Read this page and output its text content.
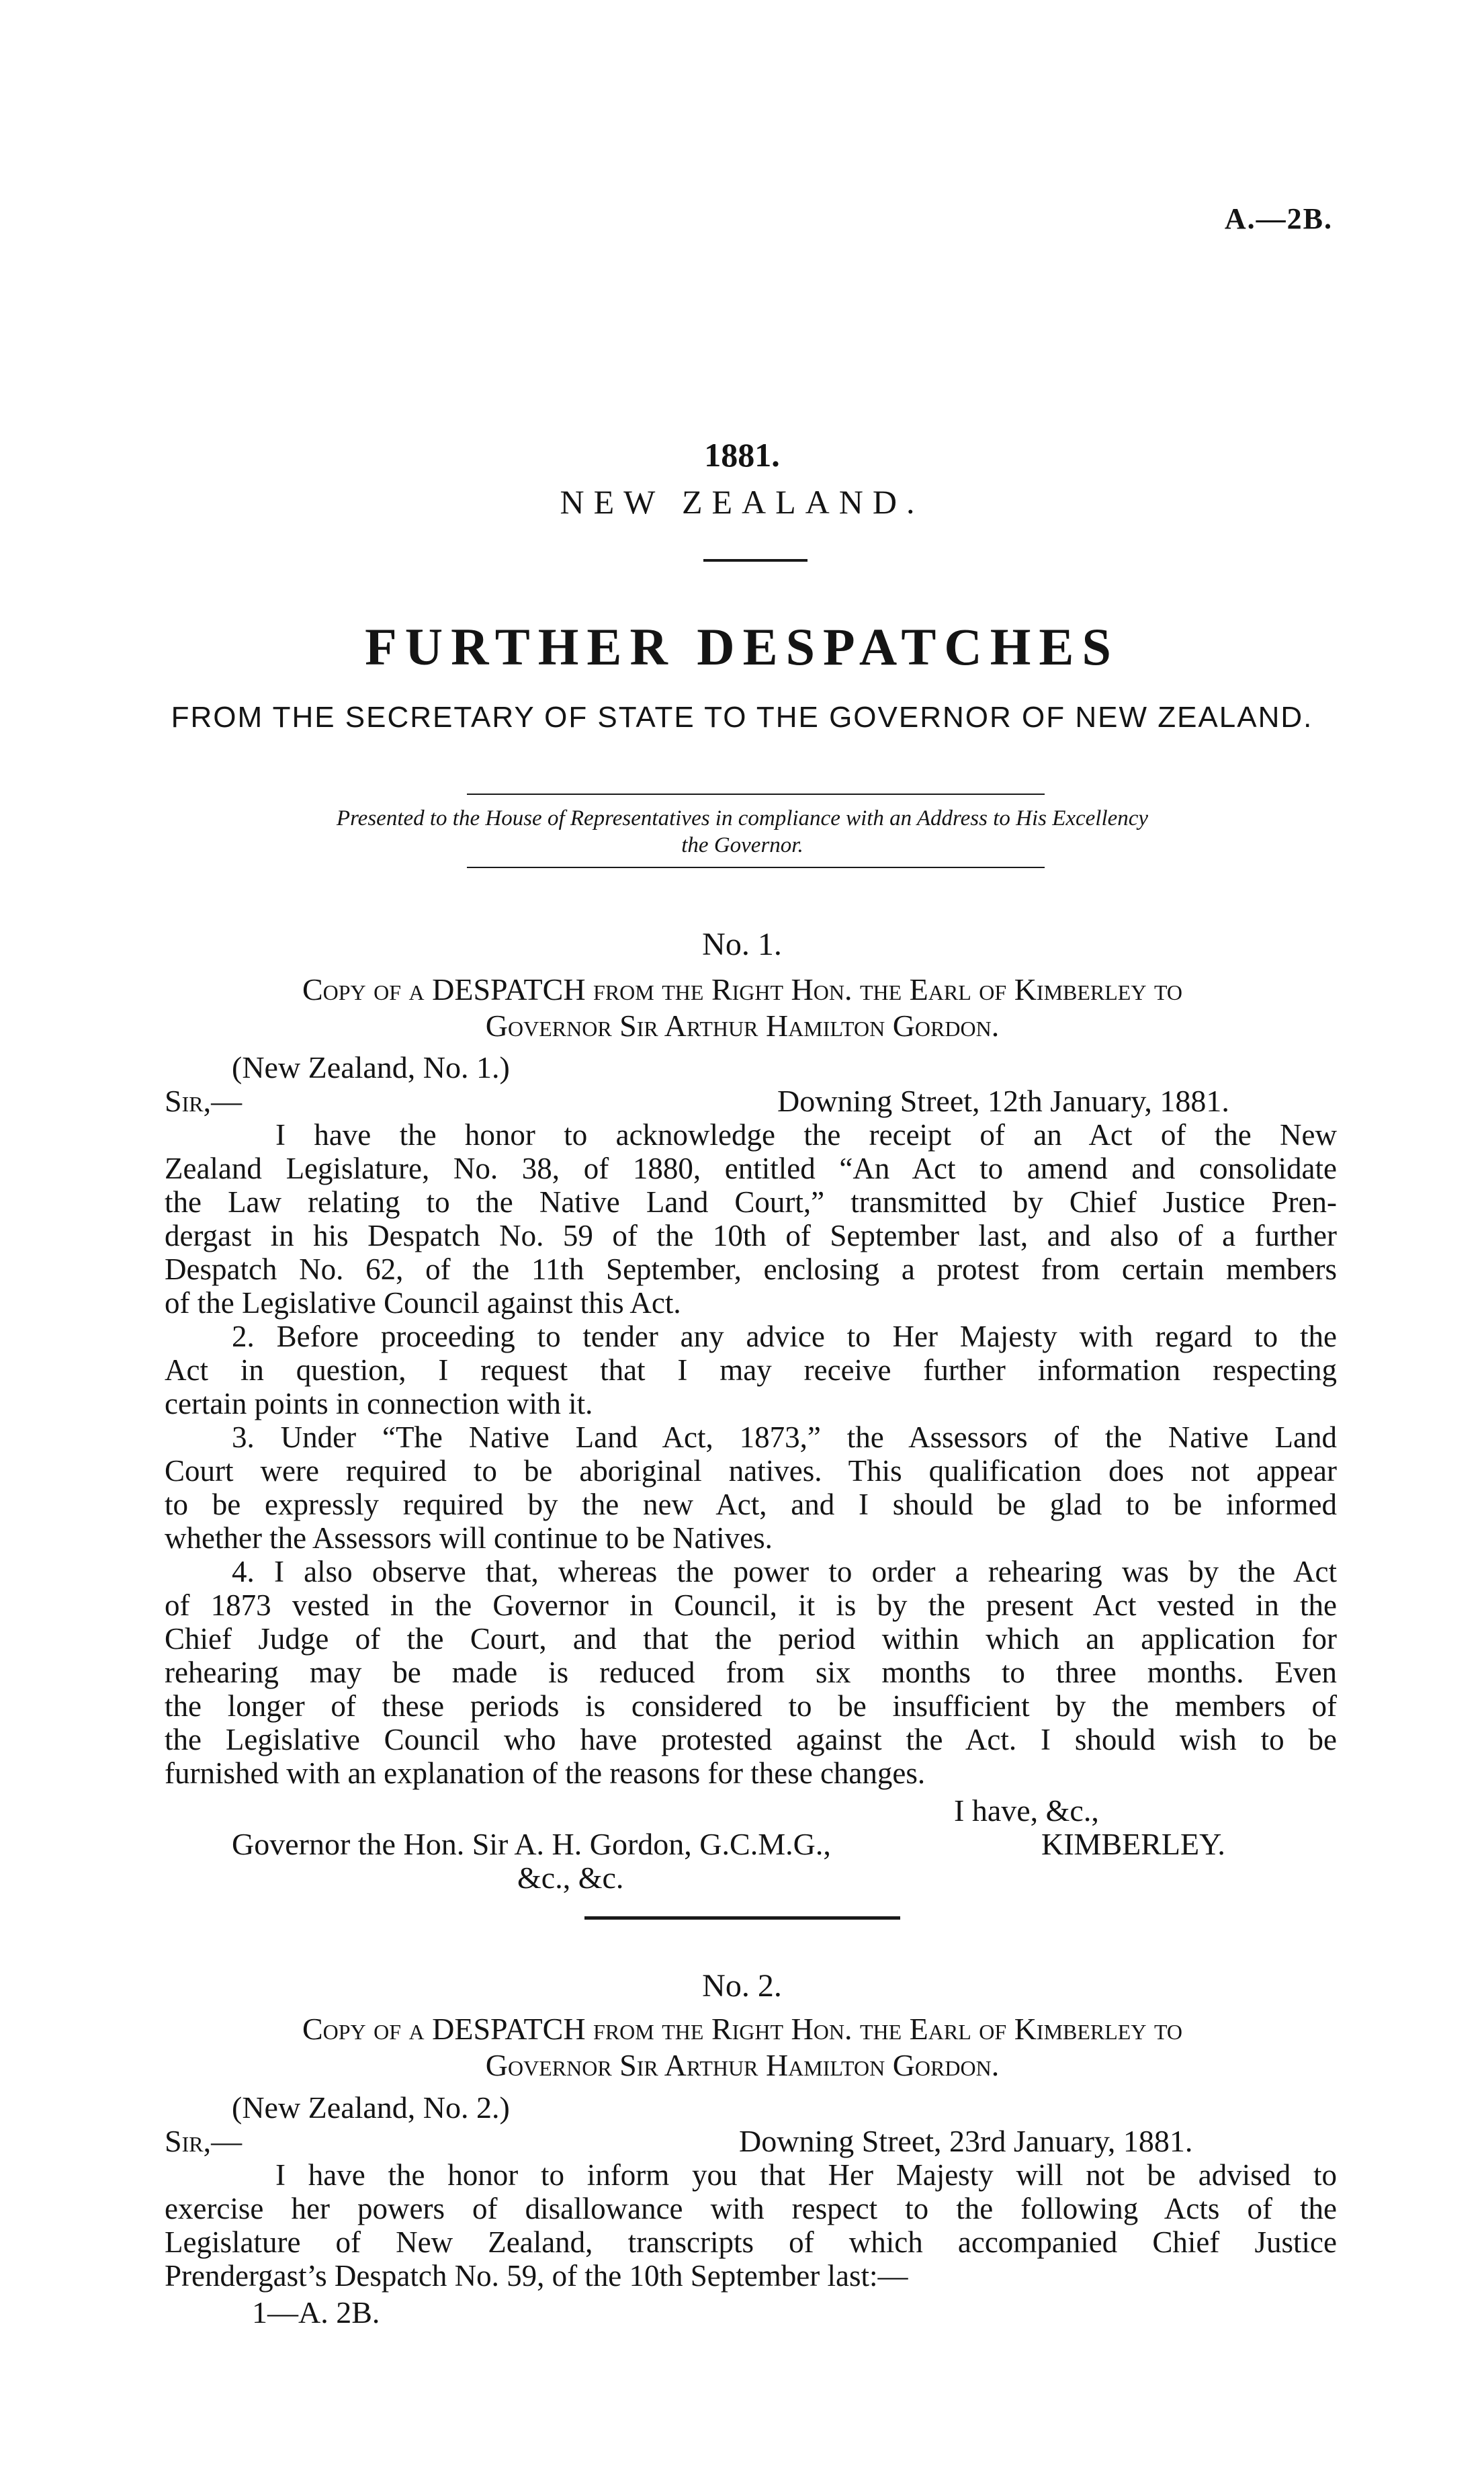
A.—2B.
1881.
NEW ZEALAND.
FURTHER DESPATCHES
FROM THE SECRETARY OF STATE TO THE GOVERNOR OF NEW ZEALAND.
Presented to the House of Representatives in compliance with an Address to His Excellency
the Governor.
No. 1.
Copy of a DESPATCH from the Right Hon. the Earl of Kimberley to
Governor Sir Arthur Hamilton Gordon.
(New Zealand, No. 1.)
Sir,—	Downing Street, 12th January, 1881.
I have the honor to acknowledge the receipt of an Act of the New
Zealand Legislature, No. 38, of 1880, entitled “An Act to amend and consolidate
the Law relating to the Native Land Court,” transmitted by Chief Justice Pren-
dergast in his Despatch No. 59 of the 10th of September last, and also of a further
Despatch No. 62, of the 11th September, enclosing a protest from certain members
of the Legislative Council against this Act.
2. Before proceeding to tender any advice to Her Majesty with regard to the
Act in question, I request that I may receive further information respecting
certain points in connection with it.
3. Under “The Native Land Act, 1873,” the Assessors of the Native Land
Court were required to be aboriginal natives. This qualification does not appear
to be expressly required by the new Act, and I should be glad to be informed
whether the Assessors will continue to be Natives.
4. I also observe that, whereas the power to order a rehearing was by the Act
of 1873 vested in the Governor in Council, it is by the present Act vested in the
Chief Judge of the Court, and that the period within which an application for
rehearing may be made is reduced from six months to three months. Even
the longer of these periods is considered to be insufficient by the members of
the Legislative Council who have protested against the Act. I should wish to be
furnished with an explanation of the reasons for these changes.
I have, &c.,
Governor the Hon. Sir A. H. Gordon, G.C.M.G.,	KIMBERLEY.
&c., &c.
No. 2.
Copy of a DESPATCH from the Right Hon. the Earl of Kimberley to
Governor Sir Arthur Hamilton Gordon.
(New Zealand, No. 2.)
Sir,—	Downing Street, 23rd January, 1881.
I have the honor to inform you that Her Majesty will not be advised to
exercise her powers of disallowance with respect to the following Acts of the
Legislature of New Zealand, transcripts of which accompanied Chief Justice
Prendergast’s Despatch No. 59, of the 10th September last:—
1—A. 2B.
